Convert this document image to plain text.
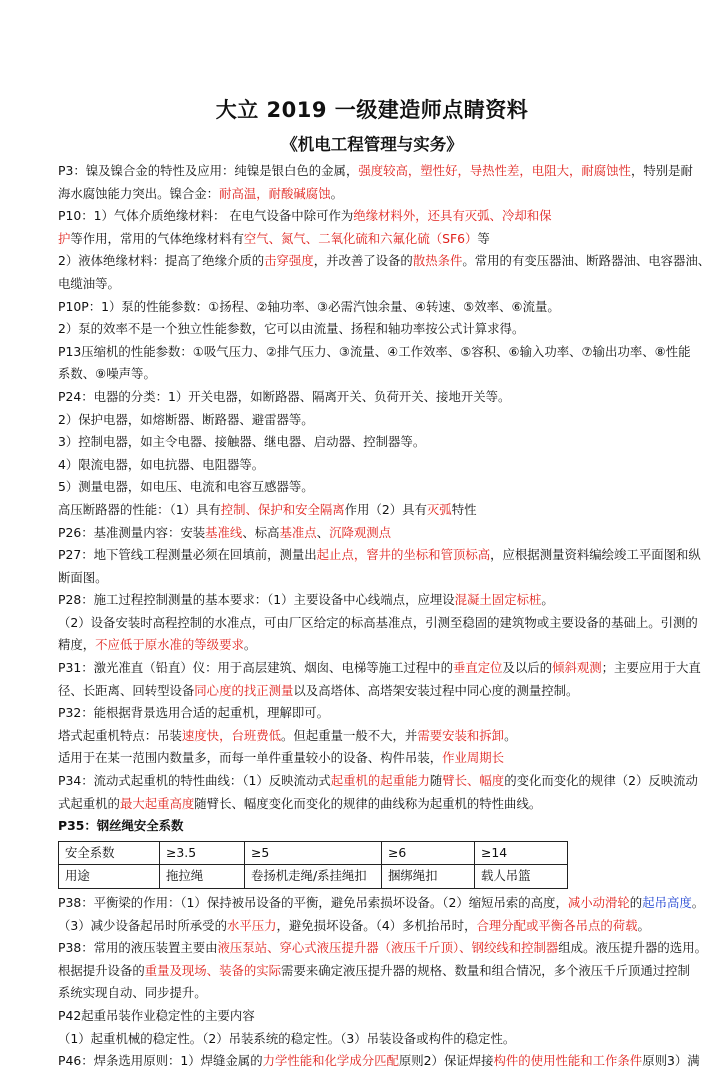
大立 2019 一级建造师点睛资料
《机电工程管理与实务》
P3：镍及镍合金的特性及应用：纯镍是银白色的金属，强度较高，塑性好，导热性差，电阻大，耐腐蚀性，特别是耐
海水腐蚀能力突出。镍合金：耐高温，耐酸碱腐蚀。
P10：1）气体介质绝缘材料： 在电气设备中除可作为绝缘材料外，还具有灭弧、冷却和保
护等作用，常用的气体绝缘材料有空气、氮气、二氧化硫和六氟化硫（SF6）等
2）液体绝缘材料：提高了绝缘介质的击穿强度，并改善了设备的散热条件。常用的有变压器油、断路器油、电容器油、
电缆油等。
P10P：1）泵的性能参数：①扬程、②轴功率、③必需汽蚀余量、④转速、⑤效率、⑥流量。
2）泵的效率不是一个独立性能参数，它可以由流量、扬程和轴功率按公式计算求得。
P13压缩机的性能参数：①吸气压力、②排气压力、③流量、④工作效率、⑤容积、⑥输入功率、⑦输出功率、⑧性能
系数、⑨噪声等。
P24：电器的分类：1）开关电器，如断路器、隔离开关、负荷开关、接地开关等。
2）保护电器，如熔断器、断路器、避雷器等。
3）控制电器，如主令电器、接触器、继电器、启动器、控制器等。
4）限流电器，如电抗器、电阻器等。
5）测量电器，如电压、电流和电容互感器等。
高压断路器的性能：（1）具有控制、保护和安全隔离作用（2）具有灭弧特性
P26：基准测量内容：安装基准线、标高基准点、沉降观测点
P27：地下管线工程测量必须在回填前，测量出起止点，窨井的坐标和管顶标高，应根据测量资料编绘竣工平面图和纵
断面图。
P28：施工过程控制测量的基本要求：（1）主要设备中心线端点，应埋设混凝土固定标桩。
（2）设备安装时高程控制的水准点，可由厂区给定的标高基准点，引测至稳固的建筑物或主要设备的基础上。引测的
精度，不应低于原水准的等级要求。
P31：激光准直（铅直）仪：用于高层建筑、烟囱、电梯等施工过程中的垂直定位及以后的倾斜观测；主要应用于大直
径、长距离、回转型设备同心度的找正测量以及高塔体、高塔架安装过程中同心度的测量控制。
P32：能根据背景选用合适的起重机，理解即可。
塔式起重机特点：吊装速度快，台班费低。但起重量一般不大，并需要安装和拆卸。
适用于在某一范围内数量多，而每一单件重量较小的设备、构件吊装，作业周期长
P34：流动式起重机的特性曲线：（1）反映流动式起重机的起重能力随臂长、幅度的变化而变化的规律（2）反映流动
式起重机的最大起重高度随臂长、幅度变化而变化的规律的曲线称为起重机的特性曲线。
P35：钢丝绳安全系数
安全系数	≥3.5	≥5	≥6	≥14
用途	拖拉绳	卷扬机走绳/系挂绳扣	捆绑绳扣	载人吊篮
P38：平衡梁的作用：（1）保持被吊设备的平衡，避免吊索损坏设备。（2）缩短吊索的高度，减小动滑轮的起吊高度。
（3）减少设备起吊时所承受的水平压力，避免损坏设备。（4）多机抬吊时，合理分配或平衡各吊点的荷载。
P38：常用的液压装置主要由液压泵站、穿心式液压提升器（液压千斤顶）、钢绞线和控制器组成。液压提升器的选用。
根据提升设备的重量及现场、装备的实际需要来确定液压提升器的规格、数量和组合情况，多个液压千斤顶通过控制
系统实现自动、同步提升。
P42起重吊装作业稳定性的主要内容
（1）起重机械的稳定性。（2）吊装系统的稳定性。（3）吊装设备或构件的稳定性。
P46：焊条选用原则：1）焊缝金属的力学性能和化学成分匹配原则2）保证焊接构件的使用性能和工作条件原则3）满
